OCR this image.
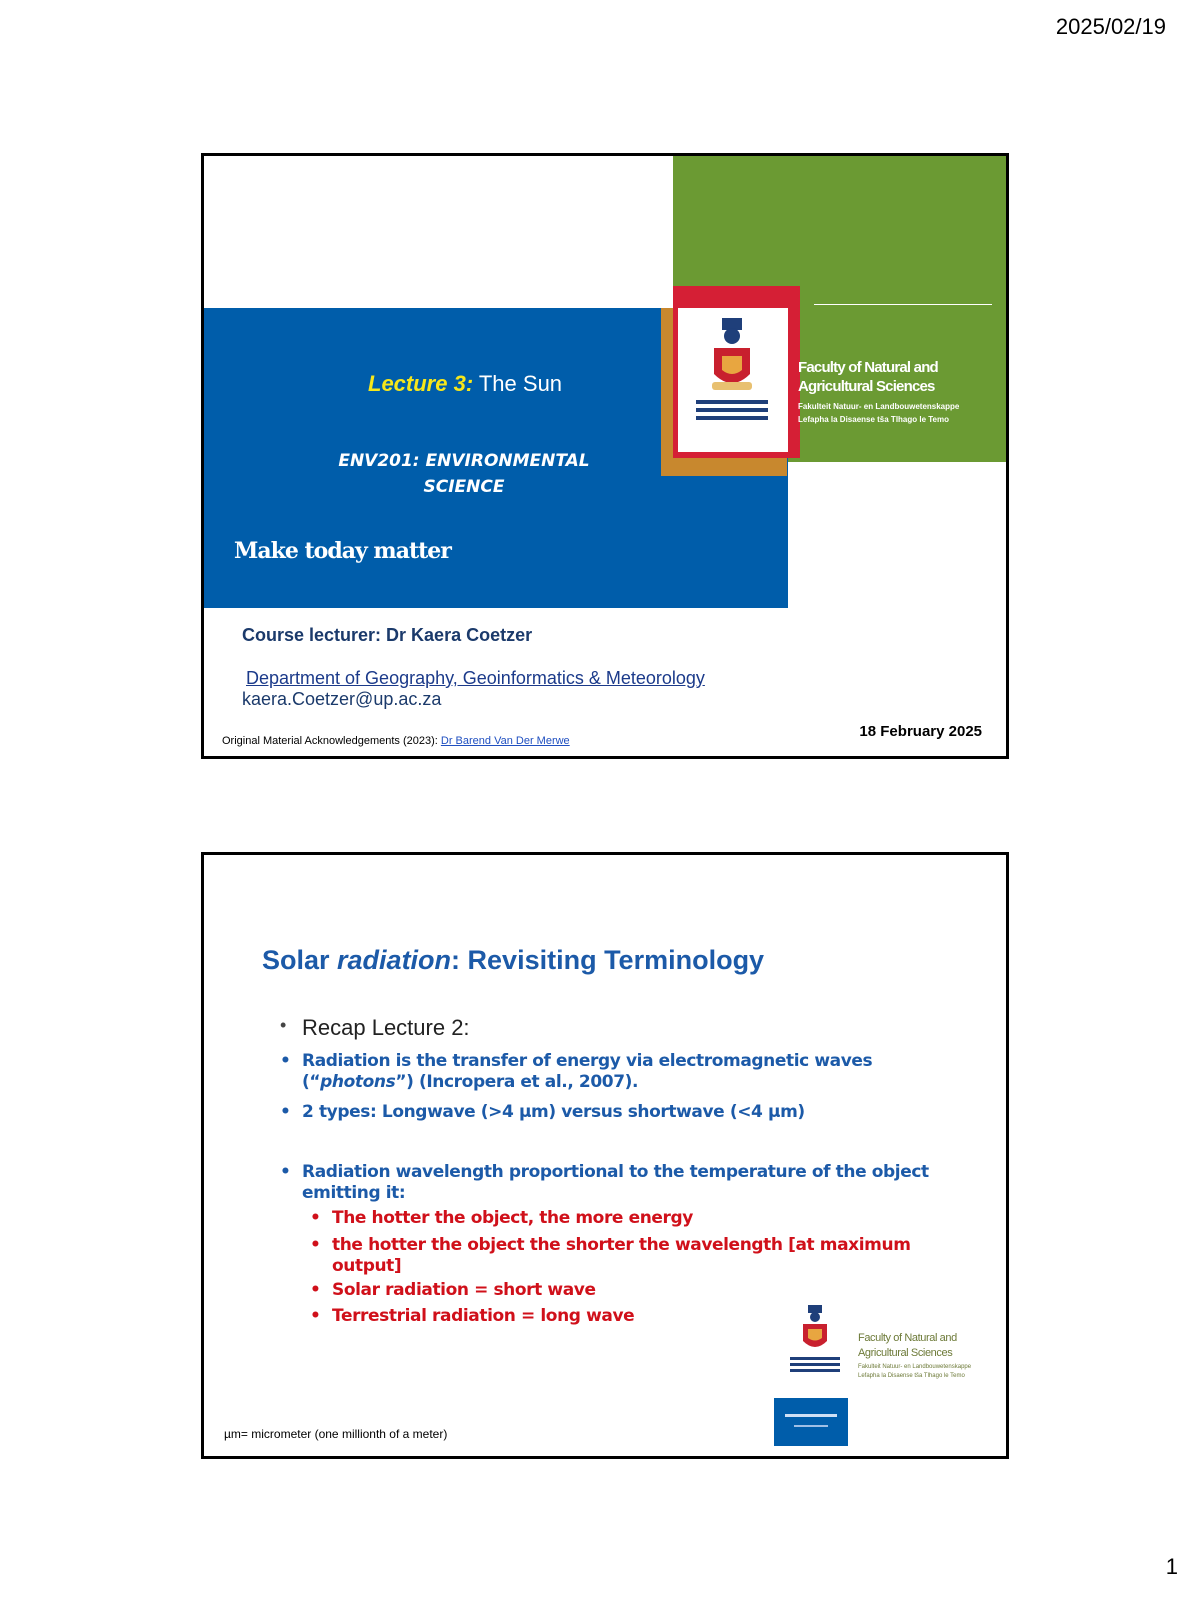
2025/02/19
Lecture 3: The Sun
ENV201: ENVIRONMENTAL
SCIENCE
Make today matter
Faculty of Natural and
Agricultural Sciences
Fakulteit Natuur- en Landbouwetenskappe
Lefapha la Disaense tša Tlhago le Temo
Course lecturer: Dr Kaera Coetzer
Department of Geography, Geoinformatics & Meteorology
kaera.Coetzer@up.ac.za
18 February 2025
Original Material Acknowledgements (2023): Dr Barend Van Der Merwe
Solar radiation: Revisiting Terminology
• Recap Lecture 2:
• Radiation is the transfer of energy via electromagnetic waves
(“photons”) (Incropera et al., 2007).
• 2 types: Longwave (>4 µm) versus shortwave (<4 µm)
• Radiation wavelength proportional to the temperature of the object
emitting it:
• The hotter the object, the more energy
• the hotter the object the shorter the wavelength [at maximum
output]
• Solar radiation = short wave
• Terrestrial radiation = long wave
Faculty of Natural and
Agricultural Sciences
Fakulteit Natuur- en Landbouwetenskappe
Lefapha la Disaense tša Tlhago le Temo
µm= micrometer (one millionth of a meter)
1
